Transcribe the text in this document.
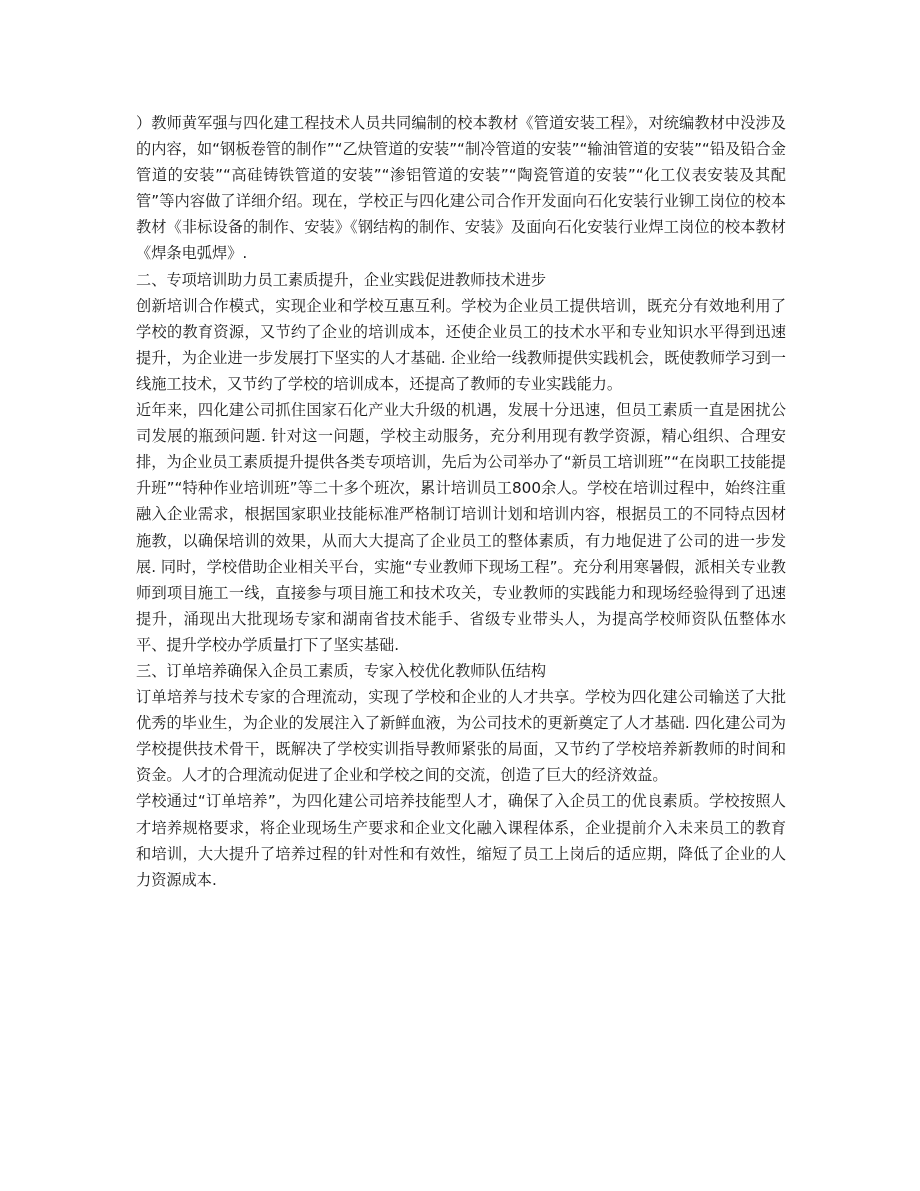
）教师黄军强与四化建工程技术人员共同编制的校本教材《管道安装工程》，对统编教材中没涉及的内容，如“钢板卷管的制作”“乙炔管道的安装”“制冷管道的安装”“输油管道的安装”“铅及铅合金管道的安装”“高硅铸铁管道的安装”“渗铝管道的安装”“陶瓷管道的安装”“化工仪表安装及其配管”等内容做了详细介绍。现在，学校正与四化建公司合作开发面向石化安装行业铆工岗位的校本教材《非标设备的制作、安装》《钢结构的制作、安装》及面向石化安装行业焊工岗位的校本教材《焊条电弧焊》.

二、专项培训助力员工素质提升，企业实践促进教师技术进步

创新培训合作模式，实现企业和学校互惠互利。学校为企业员工提供培训，既充分有效地利用了学校的教育资源，又节约了企业的培训成本，还使企业员工的技术水平和专业知识水平得到迅速提升，为企业进一步发展打下坚实的人才基础. 企业给一线教师提供实践机会，既使教师学习到一线施工技术，又节约了学校的培训成本，还提高了教师的专业实践能力。

近年来，四化建公司抓住国家石化产业大升级的机遇，发展十分迅速，但员工素质一直是困扰公司发展的瓶颈问题. 针对这一问题，学校主动服务，充分利用现有教学资源，精心组织、合理安排，为企业员工素质提升提供各类专项培训，先后为公司举办了“新员工培训班”“在岗职工技能提升班”“特种作业培训班”等二十多个班次，累计培训员工800余人。学校在培训过程中，始终注重融入企业需求，根据国家职业技能标准严格制订培训计划和培训内容，根据员工的不同特点因材施教，以确保培训的效果，从而大大提高了企业员工的整体素质，有力地促进了公司的进一步发展. 同时，学校借助企业相关平台，实施“专业教师下现场工程”。充分利用寒暑假，派相关专业教师到项目施工一线，直接参与项目施工和技术攻关，专业教师的实践能力和现场经验得到了迅速提升，涌现出大批现场专家和湖南省技术能手、省级专业带头人，为提高学校师资队伍整体水平、提升学校办学质量打下了坚实基础.

三、订单培养确保入企员工素质，专家入校优化教师队伍结构

订单培养与技术专家的合理流动，实现了学校和企业的人才共享。学校为四化建公司输送了大批优秀的毕业生，为企业的发展注入了新鲜血液，为公司技术的更新奠定了人才基础. 四化建公司为学校提供技术骨干，既解决了学校实训指导教师紧张的局面，又节约了学校培养新教师的时间和资金。人才的合理流动促进了企业和学校之间的交流，创造了巨大的经济效益。

学校通过“订单培养”，为四化建公司培养技能型人才，确保了入企员工的优良素质。学校按照人才培养规格要求，将企业现场生产要求和企业文化融入课程体系，企业提前介入未来员工的教育和培训，大大提升了培养过程的针对性和有效性，缩短了员工上岗后的适应期，降低了企业的人力资源成本.
